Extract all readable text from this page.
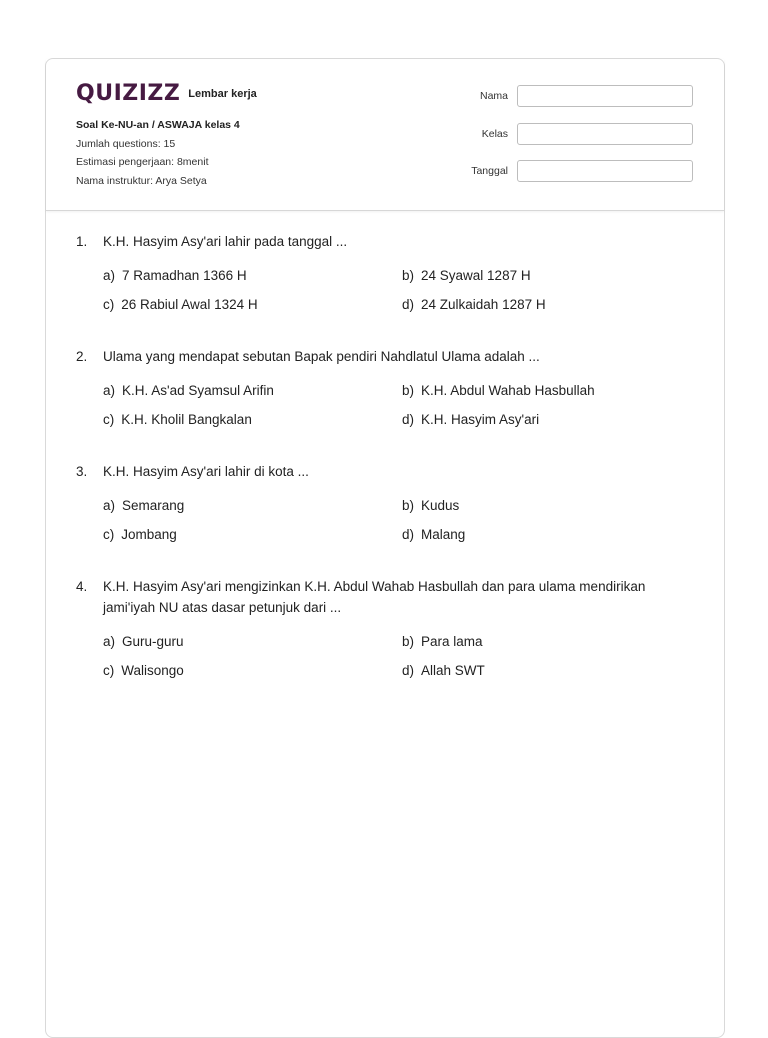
QUIZIZZ Lembar kerja
Soal Ke-NU-an / ASWAJA kelas 4
Jumlah questions: 15
Estimasi pengerjaan: 8menit
Nama instruktur: Arya Setya
Nama
Kelas
Tanggal
1.	K.H. Hasyim Asy'ari lahir pada tanggal ...
a) 7 Ramadhan 1366 H	b) 24 Syawal 1287 H
c) 26 Rabiul Awal 1324 H	d) 24 Zulkaidah 1287 H
2.	Ulama yang mendapat sebutan Bapak pendiri Nahdlatul Ulama adalah ...
a) K.H. As'ad Syamsul Arifin	b) K.H. Abdul Wahab Hasbullah
c) K.H. Kholil Bangkalan	d) K.H. Hasyim Asy'ari
3.	K.H. Hasyim Asy'ari lahir di kota ...
a) Semarang	b) Kudus
c) Jombang	d) Malang
4.	K.H. Hasyim Asy'ari mengizinkan K.H. Abdul Wahab Hasbullah dan para ulama mendirikan jami'iyah NU atas dasar petunjuk dari ...
a) Guru-guru	b) Para lama
c) Walisongo	d) Allah SWT
